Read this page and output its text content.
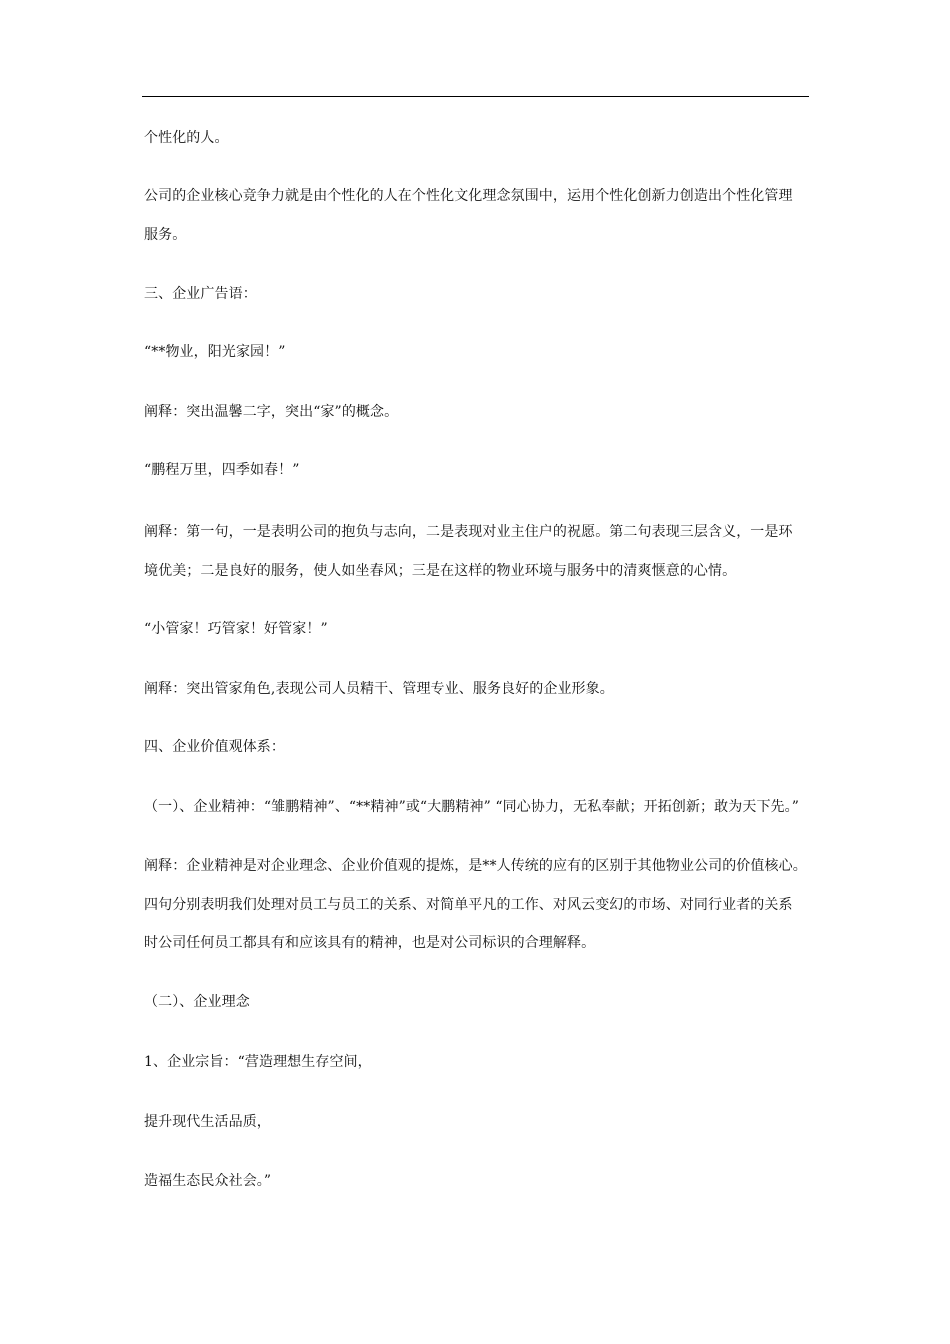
个性化的人。
公司的企业核心竞争力就是由个性化的人在个性化文化理念氛围中，运用个性化创新力创造出个性化管理
服务。
三、企业广告语：
“**物业，阳光家园！”
阐释：突出温馨二字，突出“家”的概念。
“鹏程万里，四季如春！”
阐释：第一句，一是表明公司的抱负与志向，二是表现对业主住户的祝愿。第二句表现三层含义，一是环
境优美；二是良好的服务，使人如坐春风；三是在这样的物业环境与服务中的清爽惬意的心情。
“小管家！巧管家！好管家！”
阐释：突出管家角色,表现公司人员精干、管理专业、服务良好的企业形象。
四、企业价值观体系：
（一）、企业精神：“雏鹏精神”、“**精神”或“大鹏精神” “同心协力，无私奉献；开拓创新；敢为天下先。”
阐释：企业精神是对企业理念、企业价值观的提炼，是**人传统的应有的区别于其他物业公司的价值核心。
四句分别表明我们处理对员工与员工的关系、对简单平凡的工作、对风云变幻的市场、对同行业者的关系
时公司任何员工都具有和应该具有的精神，也是对公司标识的合理解释。
（二）、企业理念
1、企业宗旨：“营造理想生存空间，
提升现代生活品质，
造福生态民众社会。”
